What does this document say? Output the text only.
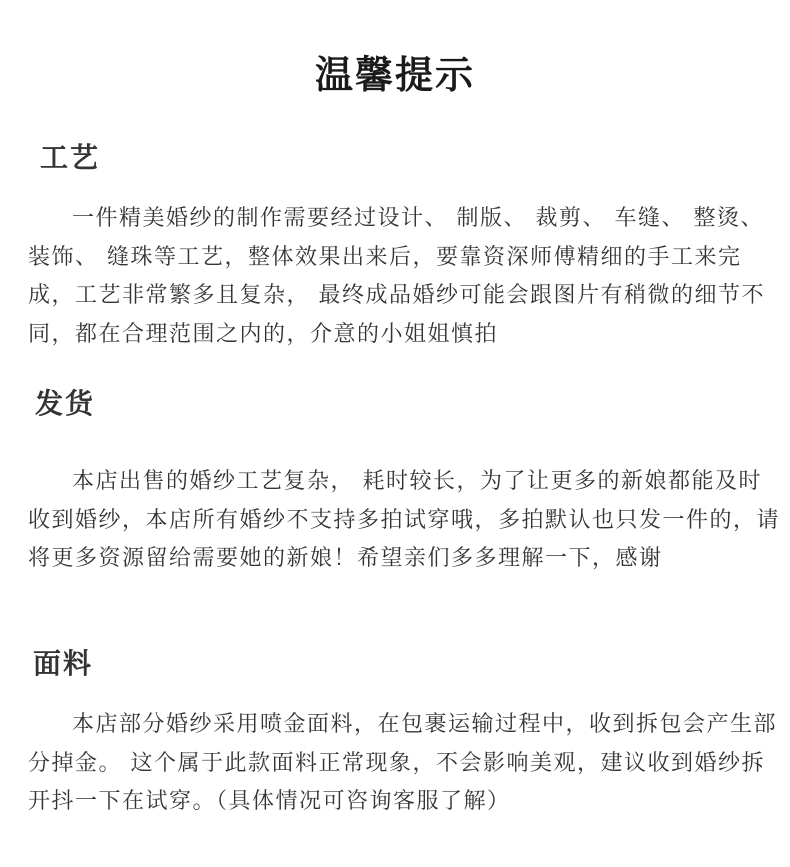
温馨提示
工艺

一件精美婚纱的制作需要经过设计、 制版、 裁剪、 车缝、 整烫、 装饰、 缝珠等工艺，整体效果出来后，要靠资深师傅精细的手工来完成，工艺非常繁多且复杂， 最终成品婚纱可能会跟图片有稍微的细节不同，都在合理范围之内的，介意的小姐姐慎拍

发货

本店出售的婚纱工艺复杂， 耗时较长，为了让更多的新娘都能及时收到婚纱，本店所有婚纱不支持多拍试穿哦，多拍默认也只发一件的，请将更多资源留给需要她的新娘！希望亲们多多理解一下，感谢

面料

本店部分婚纱采用喷金面料，在包裹运输过程中，收到拆包会产生部分掉金。 这个属于此款面料正常现象，不会影响美观，建议收到婚纱拆开抖一下在试穿。（具体情况可咨询客服了解）
